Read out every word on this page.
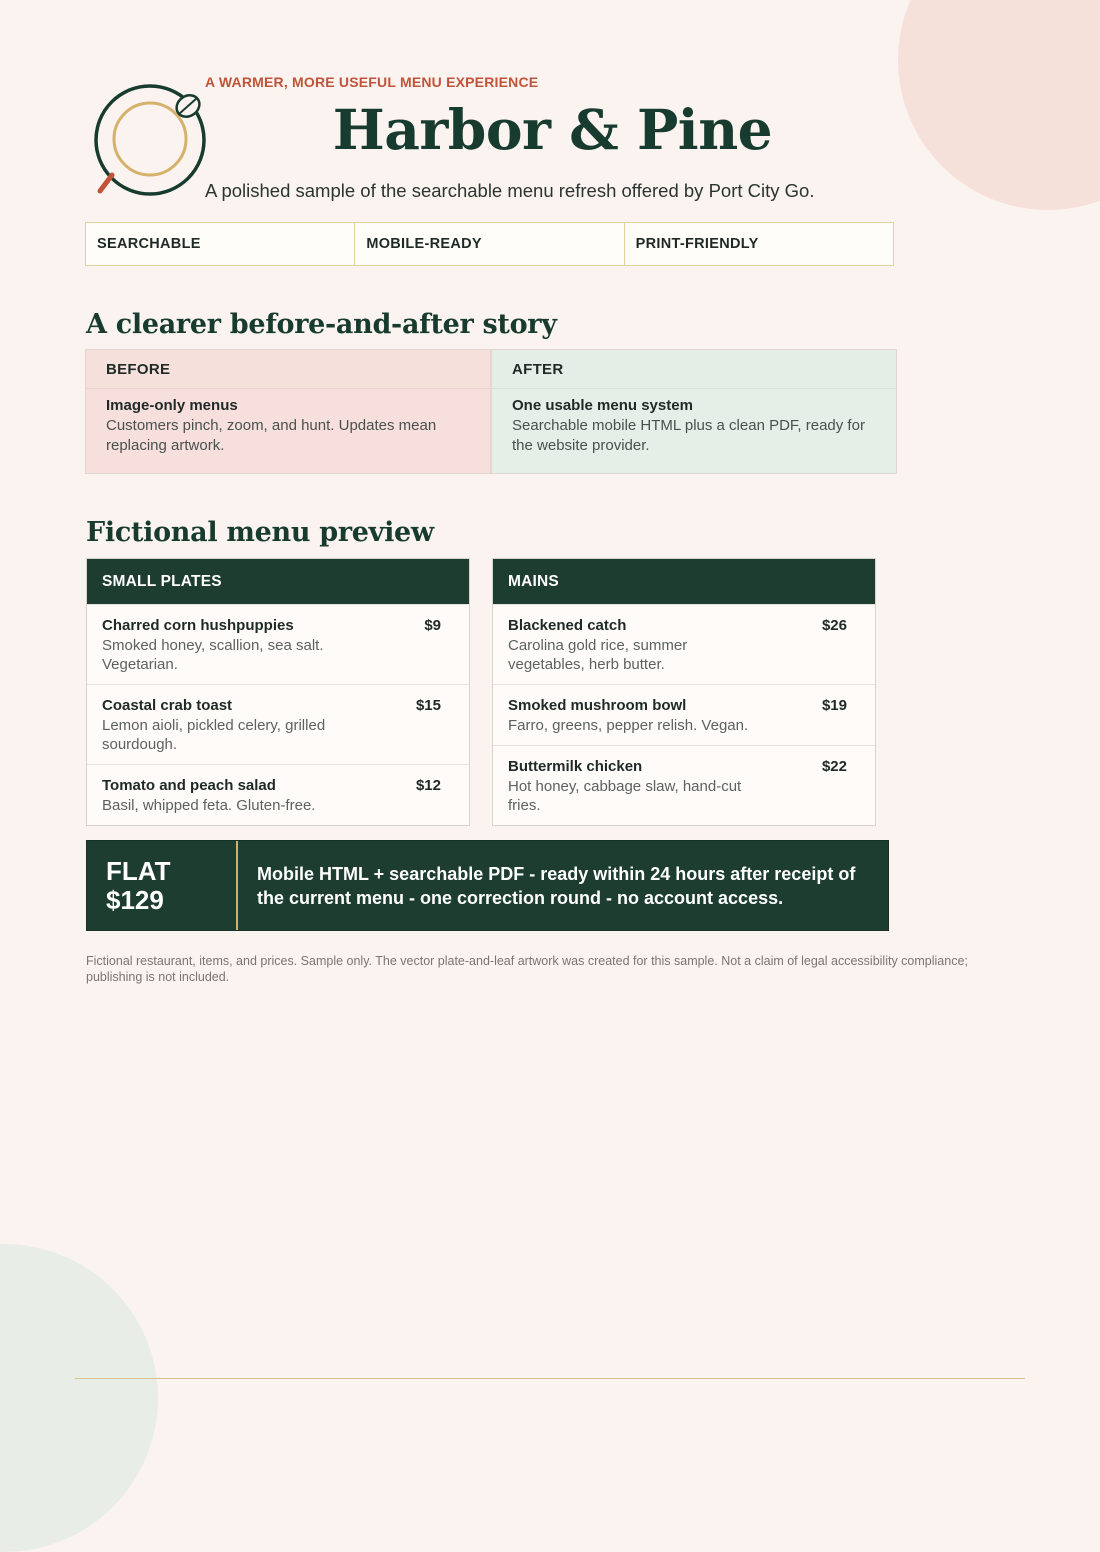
A WARMER, MORE USEFUL MENU EXPERIENCE
Harbor & Pine
A polished sample of the searchable menu refresh offered by Port City Go.
SEARCHABLE	MOBILE-READY	PRINT-FRIENDLY
A clearer before-and-after story
BEFORE
Image-only menus
Customers pinch, zoom, and hunt. Updates mean replacing artwork.
AFTER
One usable menu system
Searchable mobile HTML plus a clean PDF, ready for the website provider.
Fictional menu preview
SMALL PLATES
Charred corn hushpuppies
Smoked honey, scallion, sea salt. Vegetarian.
$9
Coastal crab toast
Lemon aioli, pickled celery, grilled sourdough.
$15
Tomato and peach salad
Basil, whipped feta. Gluten-free.
$12
MAINS
Blackened catch
Carolina gold rice, summer vegetables, herb butter.
$26
Smoked mushroom bowl
Farro, greens, pepper relish. Vegan.
$19
Buttermilk chicken
Hot honey, cabbage slaw, hand-cut fries.
$22
FLAT
$129
Mobile HTML + searchable PDF - ready within 24 hours after receipt of the current menu - one correction round - no account access.
Fictional restaurant, items, and prices. Sample only. The vector plate-and-leaf artwork was created for this sample. Not a claim of legal accessibility compliance; publishing is not included.
